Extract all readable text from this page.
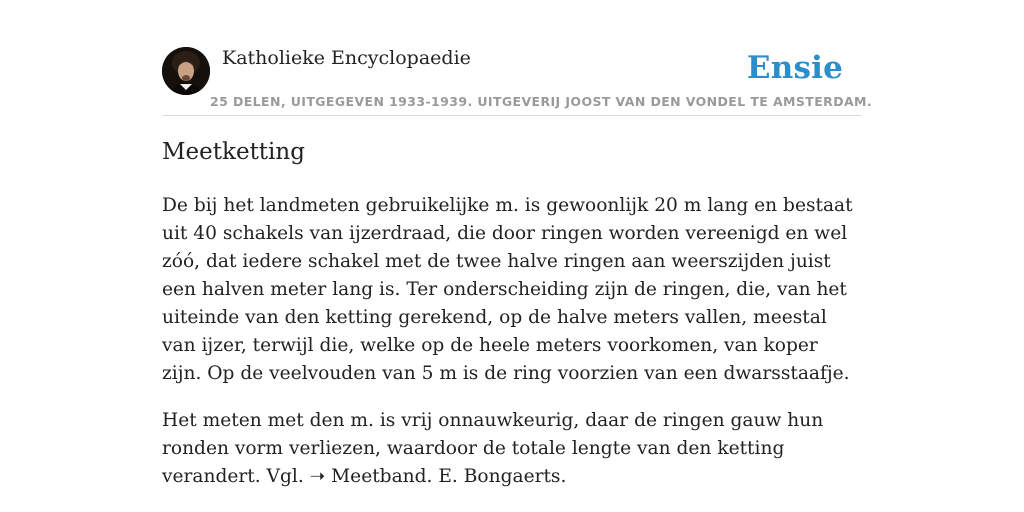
Katholieke Encyclopaedie	Ensie
25 DELEN, UITGEGEVEN 1933-1939. UITGEVERIJ JOOST VAN DEN VONDEL TE AMSTERDAM.
Meetketting

De bij het landmeten gebruikelijke m. is gewoonlijk 20 m lang en bestaat uit 40 schakels van ijzerdraad, die door ringen worden vereenigd en wel zóó, dat iedere schakel met de twee halve ringen aan weerszijden juist een halven meter lang is. Ter onderscheiding zijn de ringen, die, van het uiteinde van den ketting gerekend, op de halve meters vallen, meestal van ijzer, terwijl die, welke op de heele meters voorkomen, van koper zijn. Op de veelvouden van 5 m is de ring voorzien van een dwarsstaafje.

Het meten met den m. is vrij onnauwkeurig, daar de ringen gauw hun ronden vorm verliezen, waardoor de totale lengte van den ketting verandert. Vgl. ➝ Meetband. E. Bongaerts.
